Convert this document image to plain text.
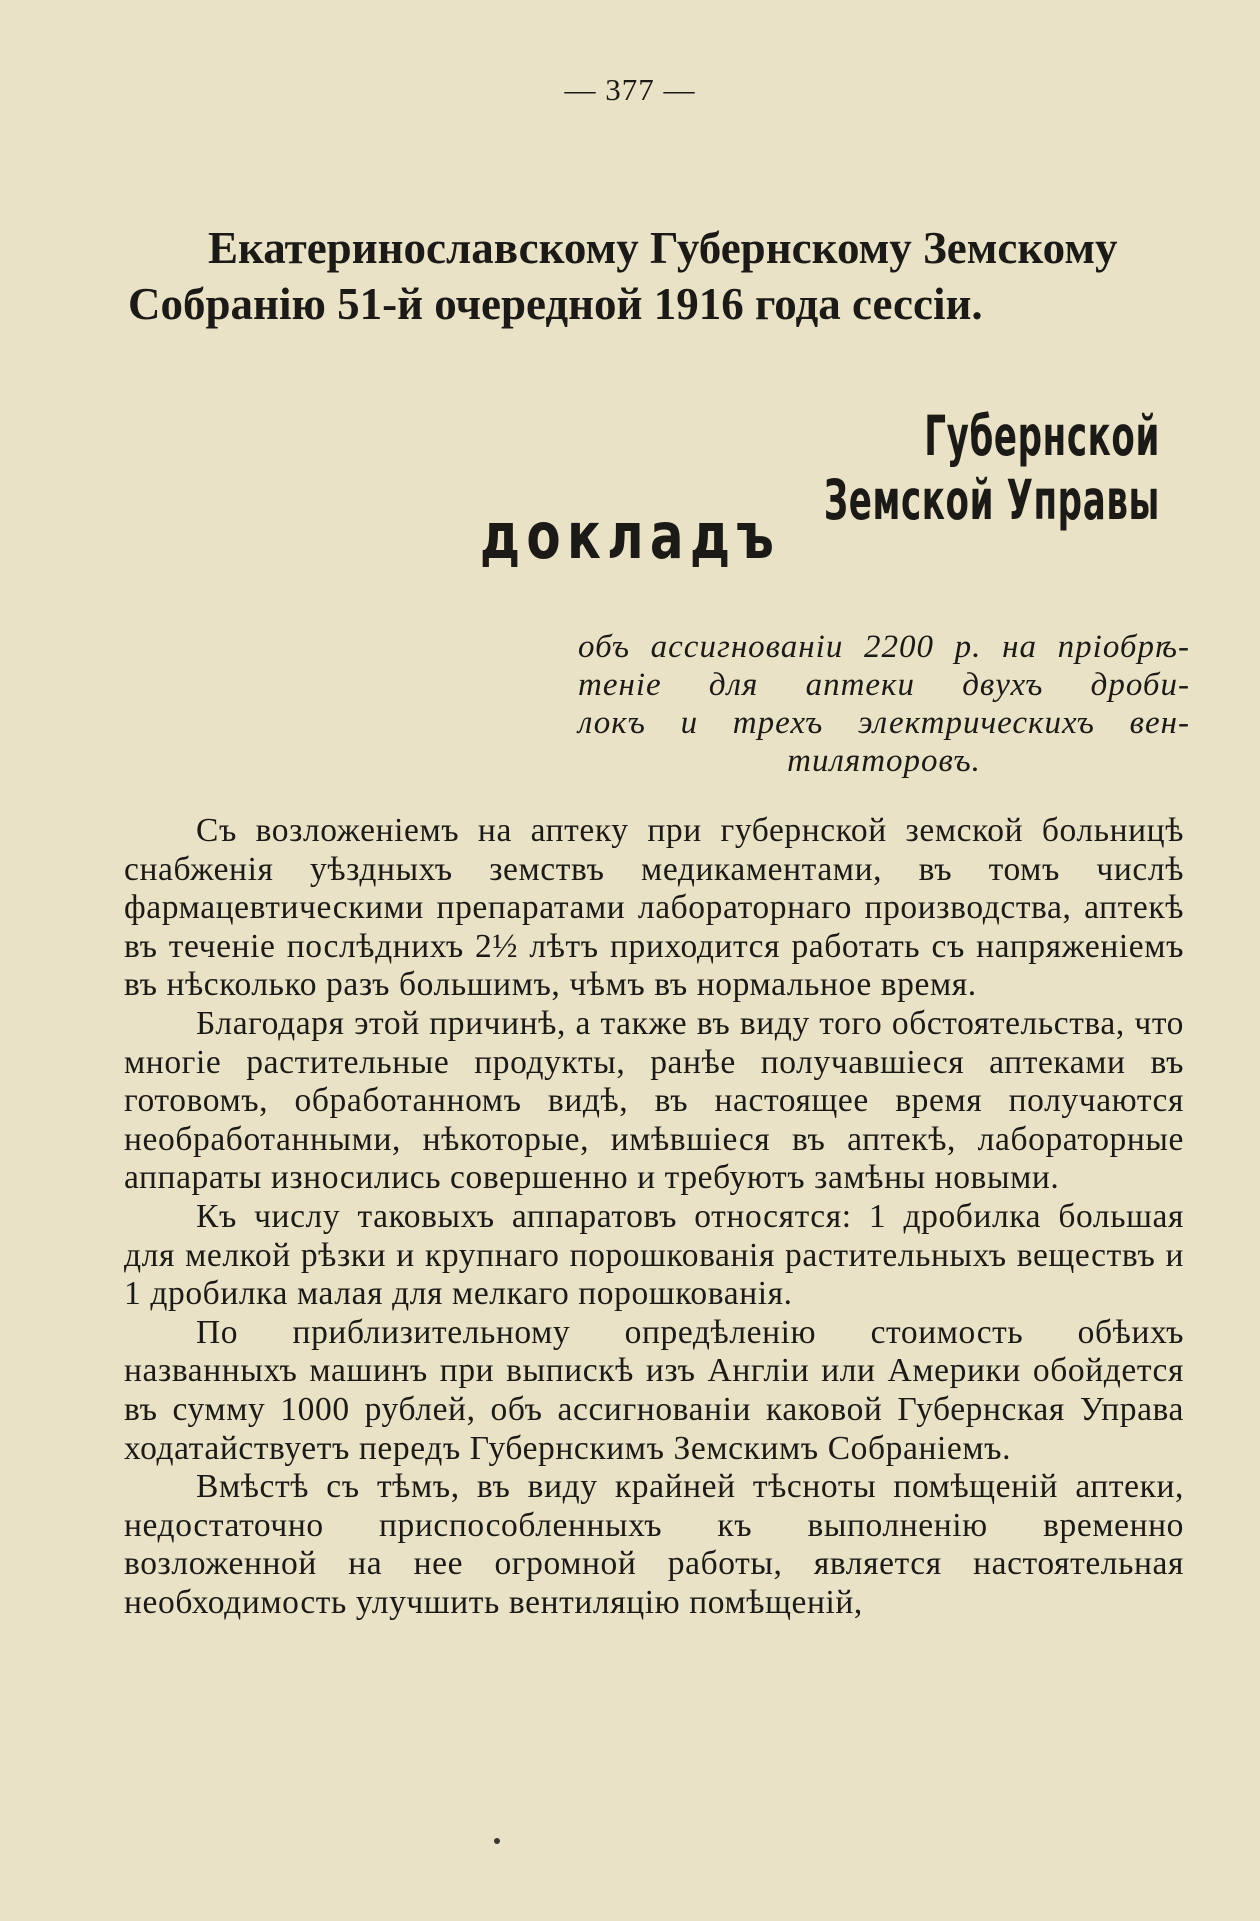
— 377 —
Екатеринославскому Губернскому Земскому
Собранію 51-й очередной 1916 года сессіи.
Губернской Земской Управы
докладъ
объ ассигнованіи 2200 р. на пріобрѣ-
теніе для аптеки двухъ дроби-
локъ и трехъ электрическихъ вен-
тиляторовъ.

Съ возложеніемъ на аптеку при губернской земской больницѣ снабженія уѣздныхъ земствъ медикаментами, въ томъ числѣ фармацевтическими препаратами лабораторнаго производства, аптекѣ въ теченіе послѣднихъ 2½ лѣтъ приходится работать съ напряженіемъ въ нѣсколько разъ большимъ, чѣмъ въ нормальное время.

Благодаря этой причинѣ, а также въ виду того обстоятельства, что многіе растительные продукты, ранѣе получавшіеся аптеками въ готовомъ, обработанномъ видѣ, въ настоящее время получаются необработанными, нѣкоторые, имѣвшіеся въ аптекѣ, лабораторные аппараты износились совершенно и требуютъ замѣны новыми.

Къ числу таковыхъ аппаратовъ относятся: 1 дробилка большая для мелкой рѣзки и крупнаго порошкованія растительныхъ веществъ и 1 дробилка малая для мелкаго порошкованія.

По приблизительному опредѣленію стоимость обѣихъ названныхъ машинъ при выпискѣ изъ Англіи или Америки обойдется въ сумму 1000 рублей, объ ассигнованіи каковой Губернская Управа ходатайствуетъ передъ Губернскимъ Земскимъ Собраніемъ.

Вмѣстѣ съ тѣмъ, въ виду крайней тѣсноты помѣщеній аптеки, недостаточно приспособленныхъ къ выполненію временно возложенной на нее огромной работы, является настоятельная необходимость улучшить вентиляцію помѣщеній,
